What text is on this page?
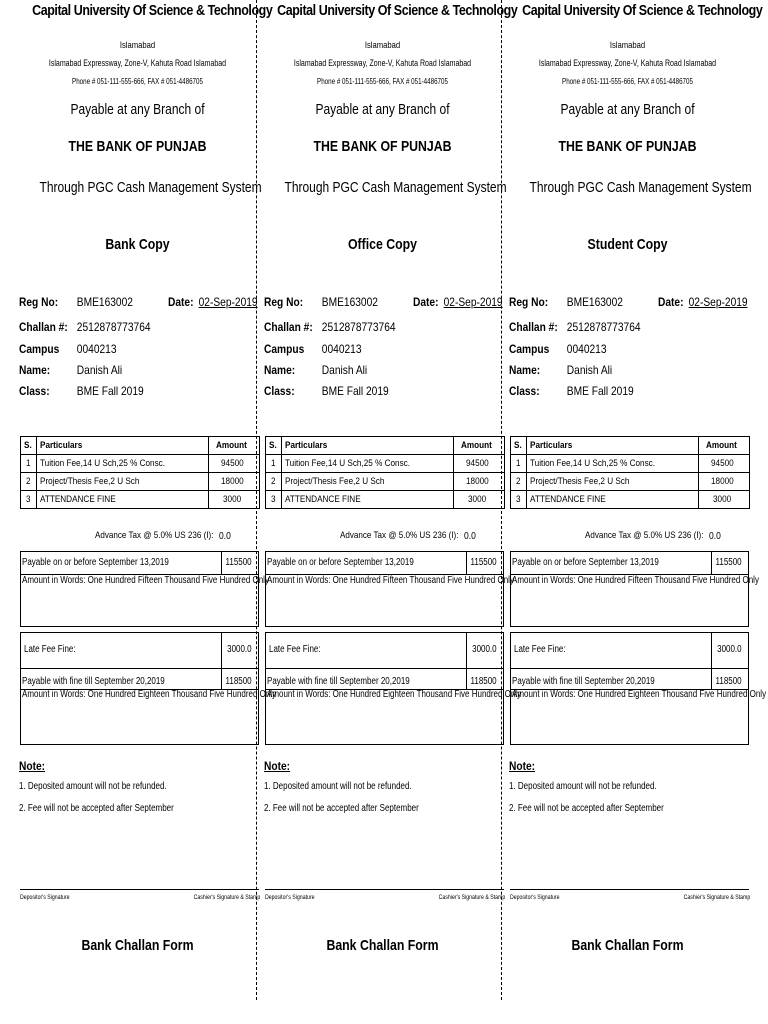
Capital University Of Science & Technology
Islamabad
Islamabad Expressway, Zone-V, Kahuta Road Islamabad
Phone # 051-111-555-666, FAX # 051-4486705
Payable at any Branch of
THE BANK OF PUNJAB
Through PGC Cash Management System
Bank Copy
Reg No: BME163002	Date: 02-Sep-2019
Challan #: 2512878773764
Campus 0040213
Name: Danish Ali
Class: BME Fall 2019
S.	Particulars	Amount
1	Tuition Fee,14 U Sch,25 % Consc.	94500
2	Project/Thesis Fee,2 U Sch	18000
3	ATTENDANCE FINE	3000
Advance Tax @ 5.0% US 236 (I): 0.0
Payable on or before September 13,2019	115500
Amount in Words: One Hundred Fifteen Thousand Five Hundred Only
Late Fee Fine:	3000.0
Payable with fine till September 20,2019	118500
Amount in Words: One Hundred Eighteen Thousand Five Hundred Only
Note:
1. Deposited amount will not be refunded.
2. Fee will not be accepted after September
Depositor's Signature	Cashier's Signature & Stamp
Bank Challan Form
Capital University Of Science & Technology
Islamabad
Islamabad Expressway, Zone-V, Kahuta Road Islamabad
Phone # 051-111-555-666, FAX # 051-4486705
Payable at any Branch of
THE BANK OF PUNJAB
Through PGC Cash Management System
Office Copy
Reg No: BME163002	Date: 02-Sep-2019
Challan #: 2512878773764
Campus 0040213
Name: Danish Ali
Class: BME Fall 2019
S.	Particulars	Amount
1	Tuition Fee,14 U Sch,25 % Consc.	94500
2	Project/Thesis Fee,2 U Sch	18000
3	ATTENDANCE FINE	3000
Advance Tax @ 5.0% US 236 (I): 0.0
Payable on or before September 13,2019	115500
Amount in Words: One Hundred Fifteen Thousand Five Hundred Only
Late Fee Fine:	3000.0
Payable with fine till September 20,2019	118500
Amount in Words: One Hundred Eighteen Thousand Five Hundred Only
Note:
1. Deposited amount will not be refunded.
2. Fee will not be accepted after September
Depositor's Signature	Cashier's Signature & Stamp
Bank Challan Form
Capital University Of Science & Technology
Islamabad
Islamabad Expressway, Zone-V, Kahuta Road Islamabad
Phone # 051-111-555-666, FAX # 051-4486705
Payable at any Branch of
THE BANK OF PUNJAB
Through PGC Cash Management System
Student Copy
Reg No: BME163002	Date: 02-Sep-2019
Challan #: 2512878773764
Campus 0040213
Name: Danish Ali
Class: BME Fall 2019
S.	Particulars	Amount
1	Tuition Fee,14 U Sch,25 % Consc.	94500
2	Project/Thesis Fee,2 U Sch	18000
3	ATTENDANCE FINE	3000
Advance Tax @ 5.0% US 236 (I): 0.0
Payable on or before September 13,2019	115500
Amount in Words: One Hundred Fifteen Thousand Five Hundred Only
Late Fee Fine:	3000.0
Payable with fine till September 20,2019	118500
Amount in Words: One Hundred Eighteen Thousand Five Hundred Only
Note:
1. Deposited amount will not be refunded.
2. Fee will not be accepted after September
Depositor's Signature	Cashier's Signature & Stamp
Bank Challan Form
